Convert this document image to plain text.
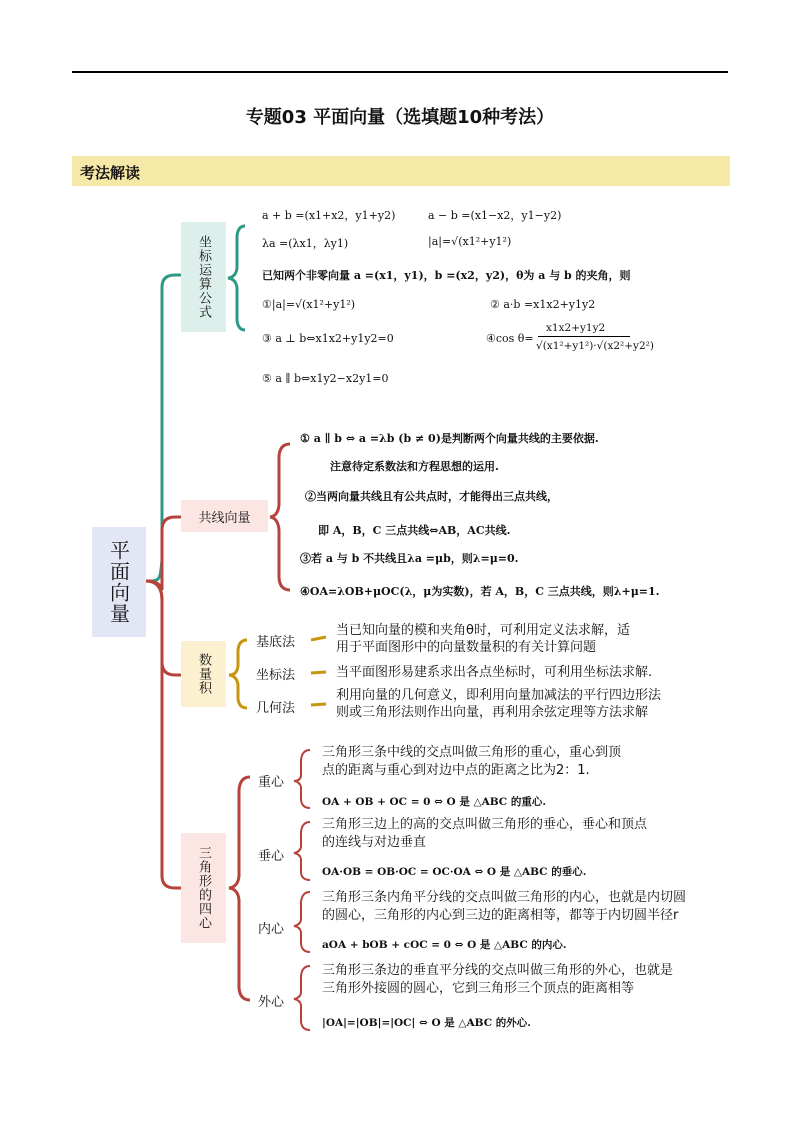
专题03 平面向量（选填题10种考法）
考法解读
平面向量
坐标运算公式
共线向量
数量积
三角形的四心
a + b =(x1+x2，y1+y2)	a − b =(x1−x2，y1−y2)
λa =(λx1，λy1)	|a|=√(x1²+y1²)
已知两个非零向量 a =(x1，y1)，b =(x2，y2)，θ为 a 与 b 的夹角，则
①|a|=√(x1²+y1²)	② a·b =x1x2+y1y2
③ a ⊥ b⇔x1x2+y1y2=0	④cos θ=
x1x2+y1y2
√(x1²+y1²)·√(x2²+y2²)
⑤ a ∥ b⇔x1y2−x2y1=0
① a ∥ b ⇔ a =λb (b ≠ 0)是判断两个向量共线的主要依据.
注意待定系数法和方程思想的运用.
②当两向量共线且有公共点时，才能得出三点共线，
即 A，B，C 三点共线⇔AB，AC共线.
③若 a 与 b 不共线且λa =μb，则λ=μ=0.
④OA=λOB+μOC(λ，μ为实数)，若 A，B，C 三点共线，则λ+μ=1.
基底法
当已知向量的模和夹角θ时，可利用定义法求解，适
用于平面图形中的向量数量积的有关计算问题
坐标法	当平面图形易建系求出各点坐标时，可利用坐标法求解.
几何法
利用向量的几何意义，即利用向量加减法的平行四边形法
则或三角形法则作出向量，再利用余弦定理等方法求解
重心
三角形三条中线的交点叫做三角形的重心，重心到顶
点的距离与重心到对边中点的距离之比为2：1.
OA + OB + OC = 0 ⇔ O 是 △ABC 的重心.
垂心
三角形三边上的高的交点叫做三角形的垂心，垂心和顶点
的连线与对边垂直
OA·OB = OB·OC = OC·OA ⇔ O 是 △ABC 的垂心.
内心
三角形三条内角平分线的交点叫做三角形的内心，也就是内切圆
的圆心，三角形的内心到三边的距离相等，都等于内切圆半径r
aOA + bOB + cOC = 0 ⇔ O 是 △ABC 的内心.
外心
三角形三条边的垂直平分线的交点叫做三角形的外心，也就是
三角形外接圆的圆心，它到三角形三个顶点的距离相等
|OA|=|OB|=|OC| ⇔ O 是 △ABC 的外心.
